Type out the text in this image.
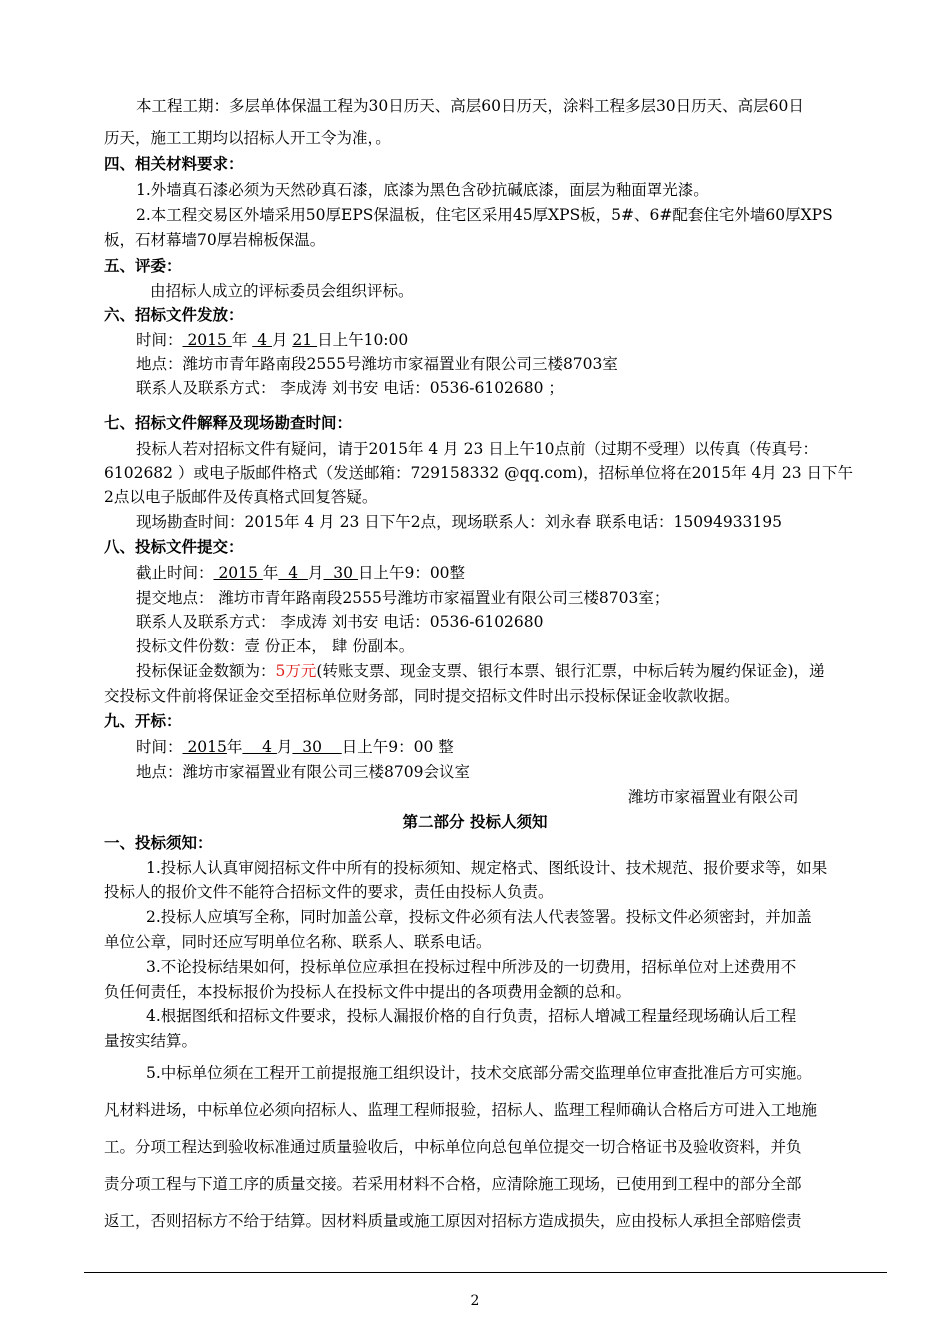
本工程工期：多层单体保温工程为30日历天、高层60日历天，涂料工程多层30日历天、高层60日
历天，施工工期均以招标人开工令为准，。
四、相关材料要求：
1.外墙真石漆必须为天然砂真石漆，底漆为黑色含砂抗碱底漆，面层为釉面罩光漆。
2.本工程交易区外墙采用50厚EPS保温板，住宅区采用45厚XPS板，5#、6#配套住宅外墙60厚XPS
板，石材幕墙70厚岩棉板保温。
五、评委：
由招标人成立的评标委员会组织评标。
六、招标文件发放：
时间： 2015 年  4 月 21 日上午10:00
地点：潍坊市青年路南段2555号潍坊市家福置业有限公司三楼8703室
联系人及联系方式： 李成涛 刘书安 电话：0536-6102680 ；
七、招标文件解释及现场勘查时间：
投标人若对招标文件有疑问，请于2015年 4 月 23 日上午10点前（过期不受理）以传真（传真号：
6102682 ）或电子版邮件格式（发送邮箱：729158332 @qq.com)，招标单位将在2015年 4月 23 日下午
2点以电子版邮件及传真格式回复答疑。
现场勘查时间：2015年 4 月 23 日下午2点，现场联系人：刘永春 联系电话：15094933195
八、投标文件提交：
截止时间： 2015 年  4  月  30 日上午9：00整
提交地点： 潍坊市青年路南段2555号潍坊市家福置业有限公司三楼8703室；
联系人及联系方式： 李成涛 刘书安 电话：0536-6102680
投标文件份数：壹 份正本， 肆 份副本。
投标保证金数额为：5万元(转账支票、现金支票、银行本票、银行汇票，中标后转为履约保证金)，递
交投标文件前将保证金交至招标单位财务部，同时提交招标文件时出示投标保证金收款收据。
九、开标：
时间： 2015年    4 月  30    日上午9：00 整
地点：潍坊市家福置业有限公司三楼8709会议室
潍坊市家福置业有限公司
第二部分 投标人须知
一、投标须知：
1.投标人认真审阅招标文件中所有的投标须知、规定格式、图纸设计、技术规范、报价要求等，如果
投标人的报价文件不能符合招标文件的要求，责任由投标人负责。
2.投标人应填写全称，同时加盖公章，投标文件必须有法人代表签署。投标文件必须密封，并加盖
单位公章，同时还应写明单位名称、联系人、联系电话。
3.不论投标结果如何，投标单位应承担在投标过程中所涉及的一切费用，招标单位对上述费用不
负任何责任，本投标报价为投标人在投标文件中提出的各项费用金额的总和。
4.根据图纸和招标文件要求，投标人漏报价格的自行负责，招标人增减工程量经现场确认后工程
量按实结算。
5.中标单位须在工程开工前提报施工组织设计，技术交底部分需交监理单位审查批准后方可实施。
凡材料进场，中标单位必须向招标人、监理工程师报验，招标人、监理工程师确认合格后方可进入工地施
工。分项工程达到验收标准通过质量验收后，中标单位向总包单位提交一切合格证书及验收资料，并负
责分项工程与下道工序的质量交接。若采用材料不合格，应清除施工现场，已使用到工程中的部分全部
返工，否则招标方不给于结算。因材料质量或施工原因对招标方造成损失，应由投标人承担全部赔偿责
2
